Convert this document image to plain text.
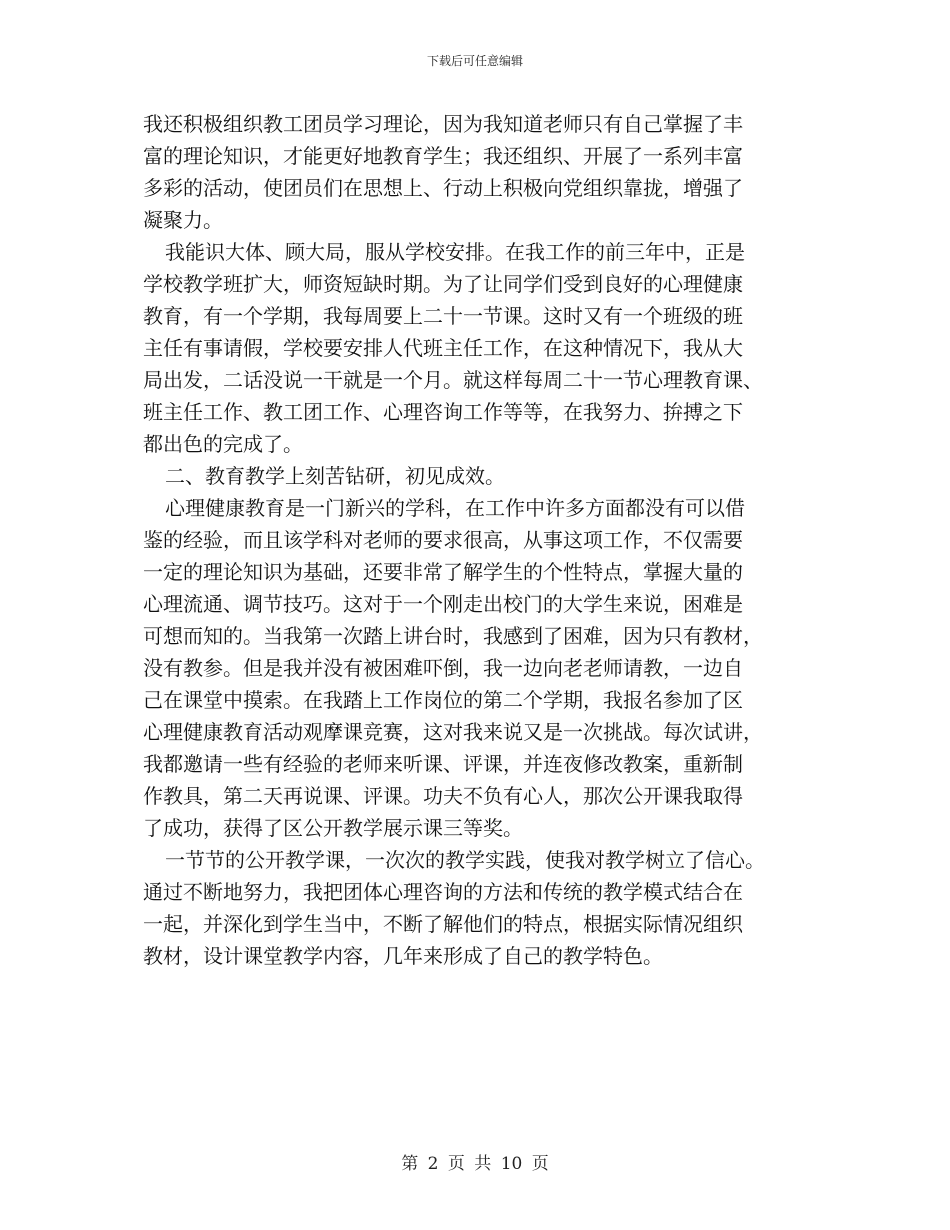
下载后可任意编辑
我还积极组织教工团员学习理论，因为我知道老师只有自己掌握了丰
富的理论知识，才能更好地教育学生；我还组织、开展了一系列丰富
多彩的活动，使团员们在思想上、行动上积极向党组织靠拢，增强了
凝聚力。
我能识大体、顾大局，服从学校安排。在我工作的前三年中，正是
学校教学班扩大，师资短缺时期。为了让同学们受到良好的心理健康
教育，有一个学期，我每周要上二十一节课。这时又有一个班级的班
主任有事请假，学校要安排人代班主任工作，在这种情况下，我从大
局出发，二话没说一干就是一个月。就这样每周二十一节心理教育课、
班主任工作、教工团工作、心理咨询工作等等，在我努力、拚搏之下
都出色的完成了。
二、教育教学上刻苦钻研，初见成效。
心理健康教育是一门新兴的学科，在工作中许多方面都没有可以借
鉴的经验，而且该学科对老师的要求很高，从事这项工作，不仅需要
一定的理论知识为基础，还要非常了解学生的个性特点，掌握大量的
心理流通、调节技巧。这对于一个刚走出校门的大学生来说，困难是
可想而知的。当我第一次踏上讲台时，我感到了困难，因为只有教材，
没有教参。但是我并没有被困难吓倒，我一边向老老师请教，一边自
己在课堂中摸索。在我踏上工作岗位的第二个学期，我报名参加了区
心理健康教育活动观摩课竞赛，这对我来说又是一次挑战。每次试讲，
我都邀请一些有经验的老师来听课、评课，并连夜修改教案，重新制
作教具，第二天再说课、评课。功夫不负有心人，那次公开课我取得
了成功，获得了区公开教学展示课三等奖。
一节节的公开教学课，一次次的教学实践，使我对教学树立了信心。
通过不断地努力，我把团体心理咨询的方法和传统的教学模式结合在
一起，并深化到学生当中，不断了解他们的特点，根据实际情况组织
教材，设计课堂教学内容，几年来形成了自己的教学特色。
第 2 页 共 10 页
